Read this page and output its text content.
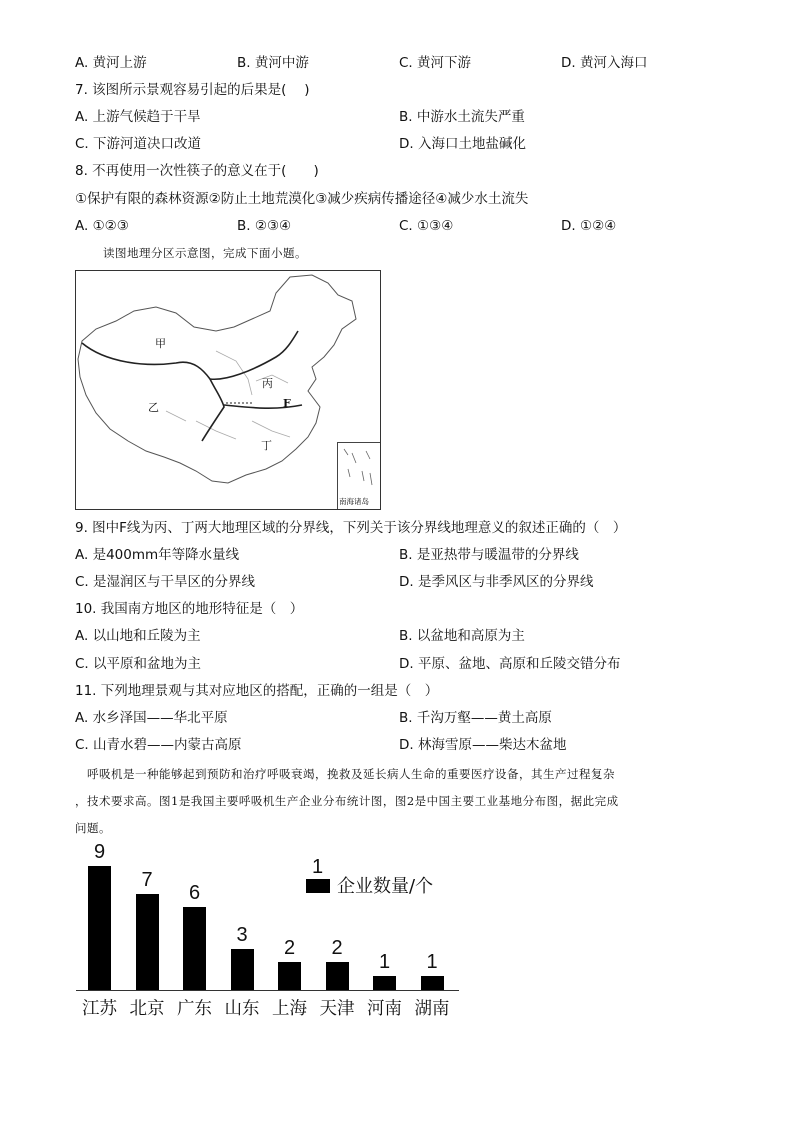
A. 黄河上游	B. 黄河中游	C. 黄河下游	D. 黄河入海口
7. 该图所示景观容易引起的后果是(　 )
A. 上游气候趋于干旱	B. 中游水土流失严重
C. 下游河道决口改道	D. 入海口土地盐碱化
8. 不再使用一次性筷子的意义在于(　　)
①保护有限的森林资源②防止土地荒漠化③减少疾病传播途径④减少水土流失
A. ①②③	B. ②③④	C. ①③④	D. ①②④
读图地理分区示意图，完成下面小题。
甲
乙
丙
丁
F
南海诸岛
9. 图中F线为丙、丁两大地理区域的分界线，下列关于该分界线地理意义的叙述正确的（　）
A. 是400mm年等降水量线	B. 是亚热带与暖温带的分界线
C. 是湿润区与干旱区的分界线	D. 是季风区与非季风区的分界线
10. 我国南方地区的地形特征是（　）
A. 以山地和丘陵为主	B. 以盆地和高原为主
C. 以平原和盆地为主	D. 平原、盆地、高原和丘陵交错分布
11. 下列地理景观与其对应地区的搭配，正确的一组是（　）
A. 水乡泽国——华北平原	B. 千沟万壑——黄土高原
C. 山青水碧——内蒙古高原	D. 林海雪原——柴达木盆地
　呼吸机是一种能够起到预防和治疗呼吸衰竭，挽救及延长病人生命的重要医疗设备，其生产过程复杂
，技术要求高。图1是我国主要呼吸机生产企业分布统计图，图2是中国主要工业基地分布图，据此完成
问题。
1
企业数量/个
9
江苏
7
北京
6
广东
3
山东
2
上海
2
天津
1
河南
1
湖南
